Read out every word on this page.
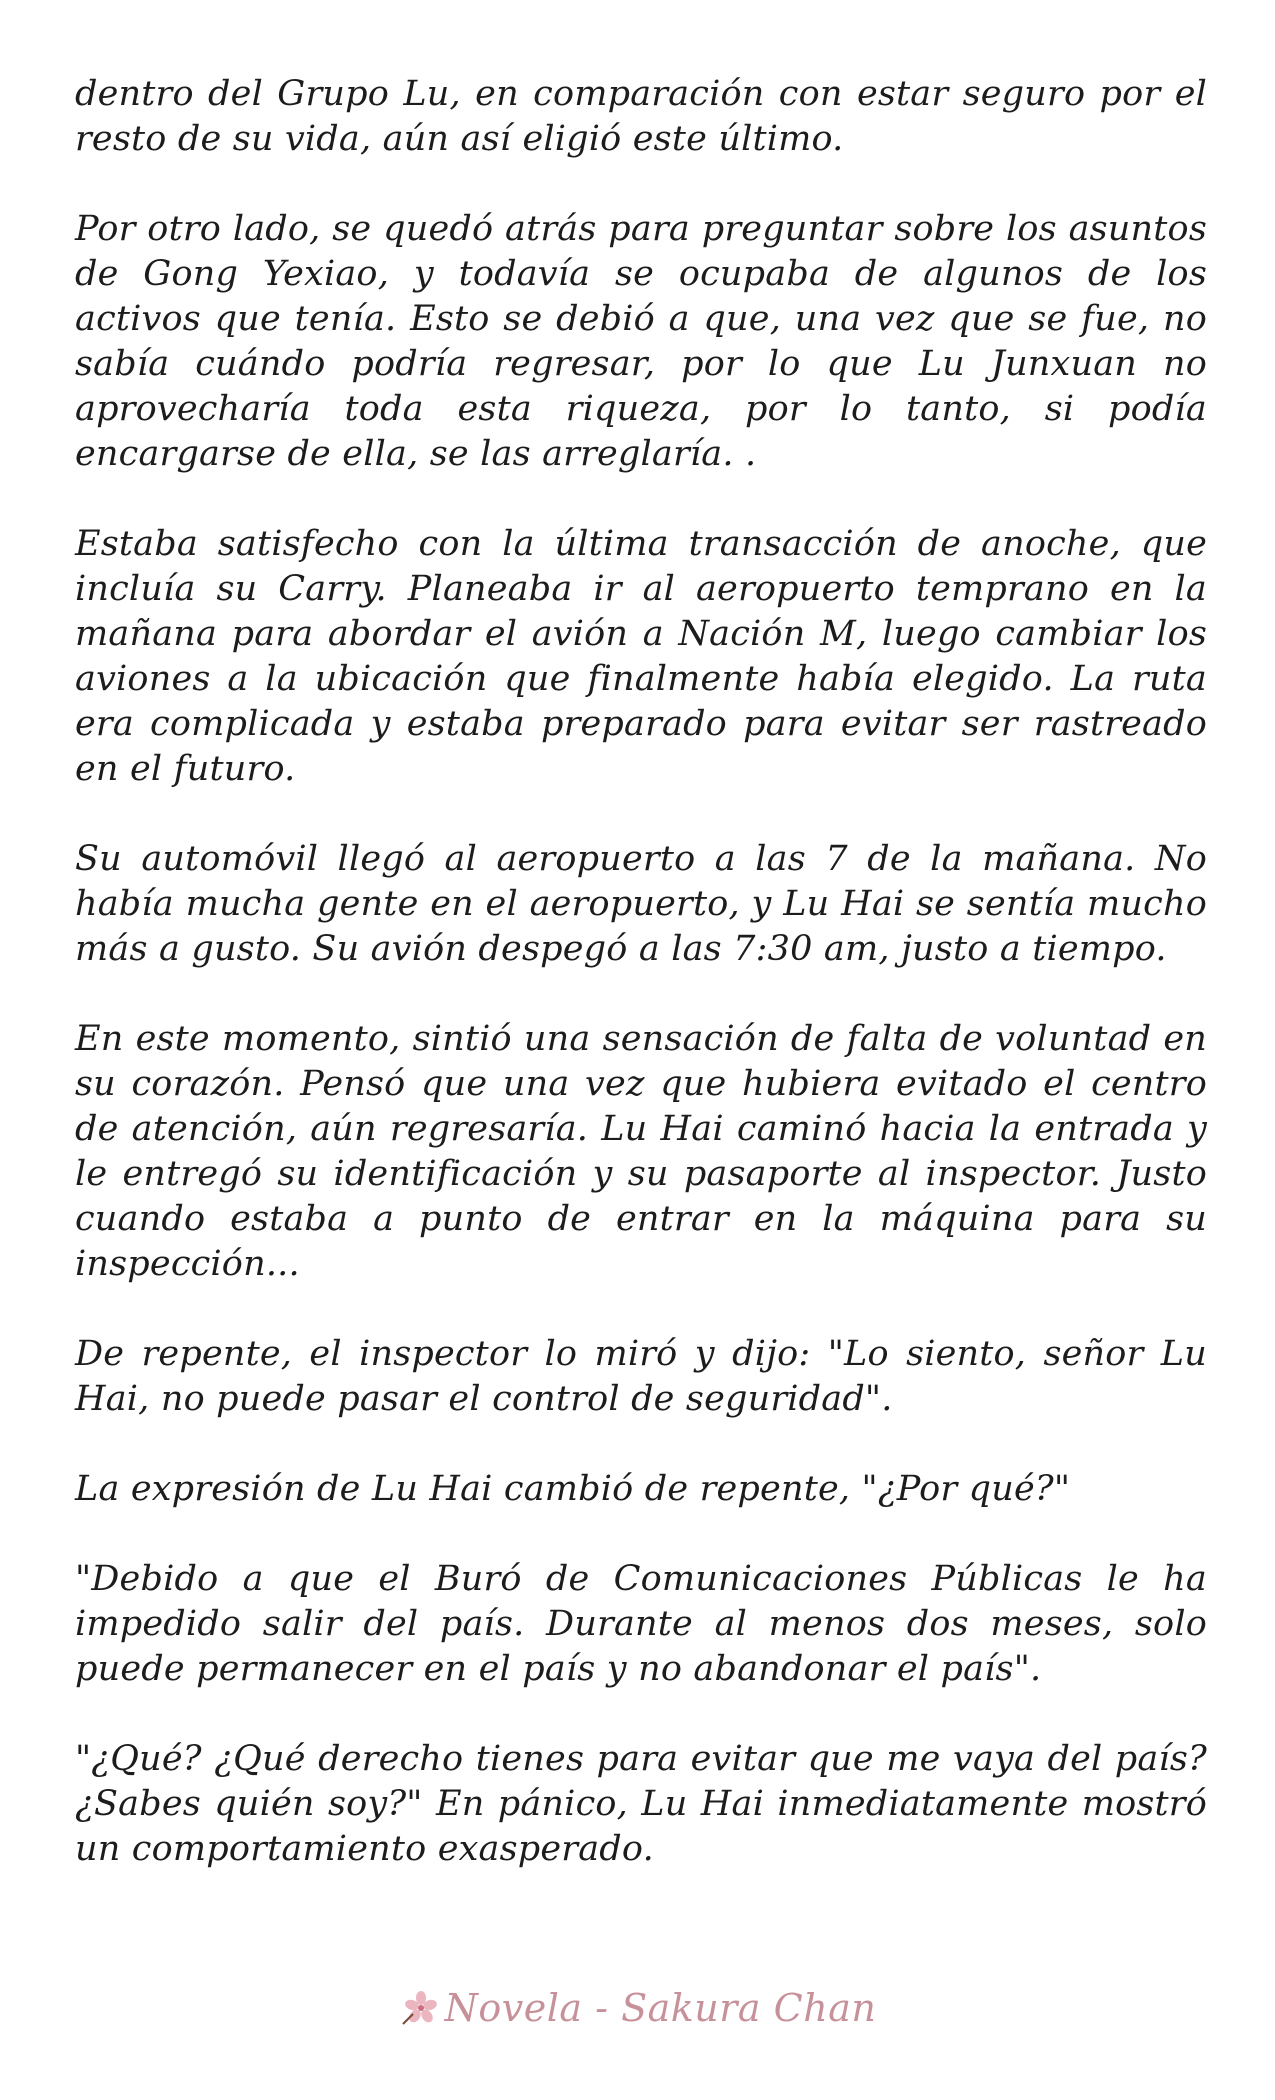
dentro del Grupo Lu, en comparación con estar seguro por el resto de su vida, aún así eligió este último.

Por otro lado, se quedó atrás para preguntar sobre los asuntos de Gong Yexiao, y todavía se ocupaba de algunos de los activos que tenía. Esto se debió a que, una vez que se fue, no sabía cuándo podría regresar, por lo que Lu Junxuan no aprovecharía toda esta riqueza, por lo tanto, si podía encargarse de ella, se las arreglaría. .

Estaba satisfecho con la última transacción de anoche, que incluía su Carry. Planeaba ir al aeropuerto temprano en la mañana para abordar el avión a Nación M, luego cambiar los aviones a la ubicación que finalmente había elegido. La ruta era complicada y estaba preparado para evitar ser rastreado en el futuro.

Su automóvil llegó al aeropuerto a las 7 de la mañana. No había mucha gente en el aeropuerto, y Lu Hai se sentía mucho más a gusto. Su avión despegó a las 7:30 am, justo a tiempo.

En este momento, sintió una sensación de falta de voluntad en su corazón. Pensó que una vez que hubiera evitado el centro de atención, aún regresaría. Lu Hai caminó hacia la entrada y le entregó su identificación y su pasaporte al inspector. Justo cuando estaba a punto de entrar en la máquina para su inspección...

De repente, el inspector lo miró y dijo: "Lo siento, señor Lu Hai, no puede pasar el control de seguridad".

La expresión de Lu Hai cambió de repente, "¿Por qué?"

"Debido a que el Buró de Comunicaciones Públicas le ha impedido salir del país. Durante al menos dos meses, solo puede permanecer en el país y no abandonar el país".

"¿Qué? ¿Qué derecho tienes para evitar que me vaya del país? ¿Sabes quién soy?" En pánico, Lu Hai inmediatamente mostró un comportamiento exasperado.

Novela - Sakura Chan
